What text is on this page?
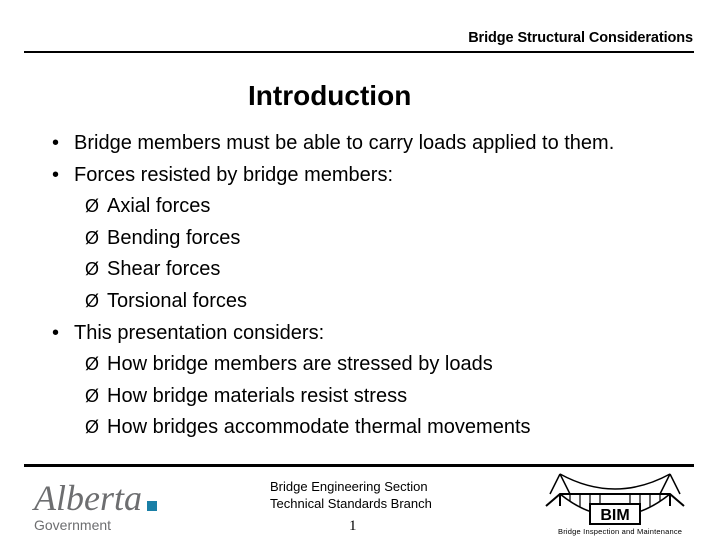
Bridge Structural Considerations
Introduction
• Bridge members must be able to carry loads applied to them.
• Forces resisted by bridge members:
Ø Axial forces
Ø Bending forces
Ø Shear forces
Ø Torsional forces
• This presentation considers:
Ø How bridge members are stressed by loads
Ø How bridge materials resist stress
Ø How bridges accommodate thermal movements
Alberta
Government
Bridge Engineering Section
Technical Standards Branch
1
BIM
Bridge Inspection and Maintenance
